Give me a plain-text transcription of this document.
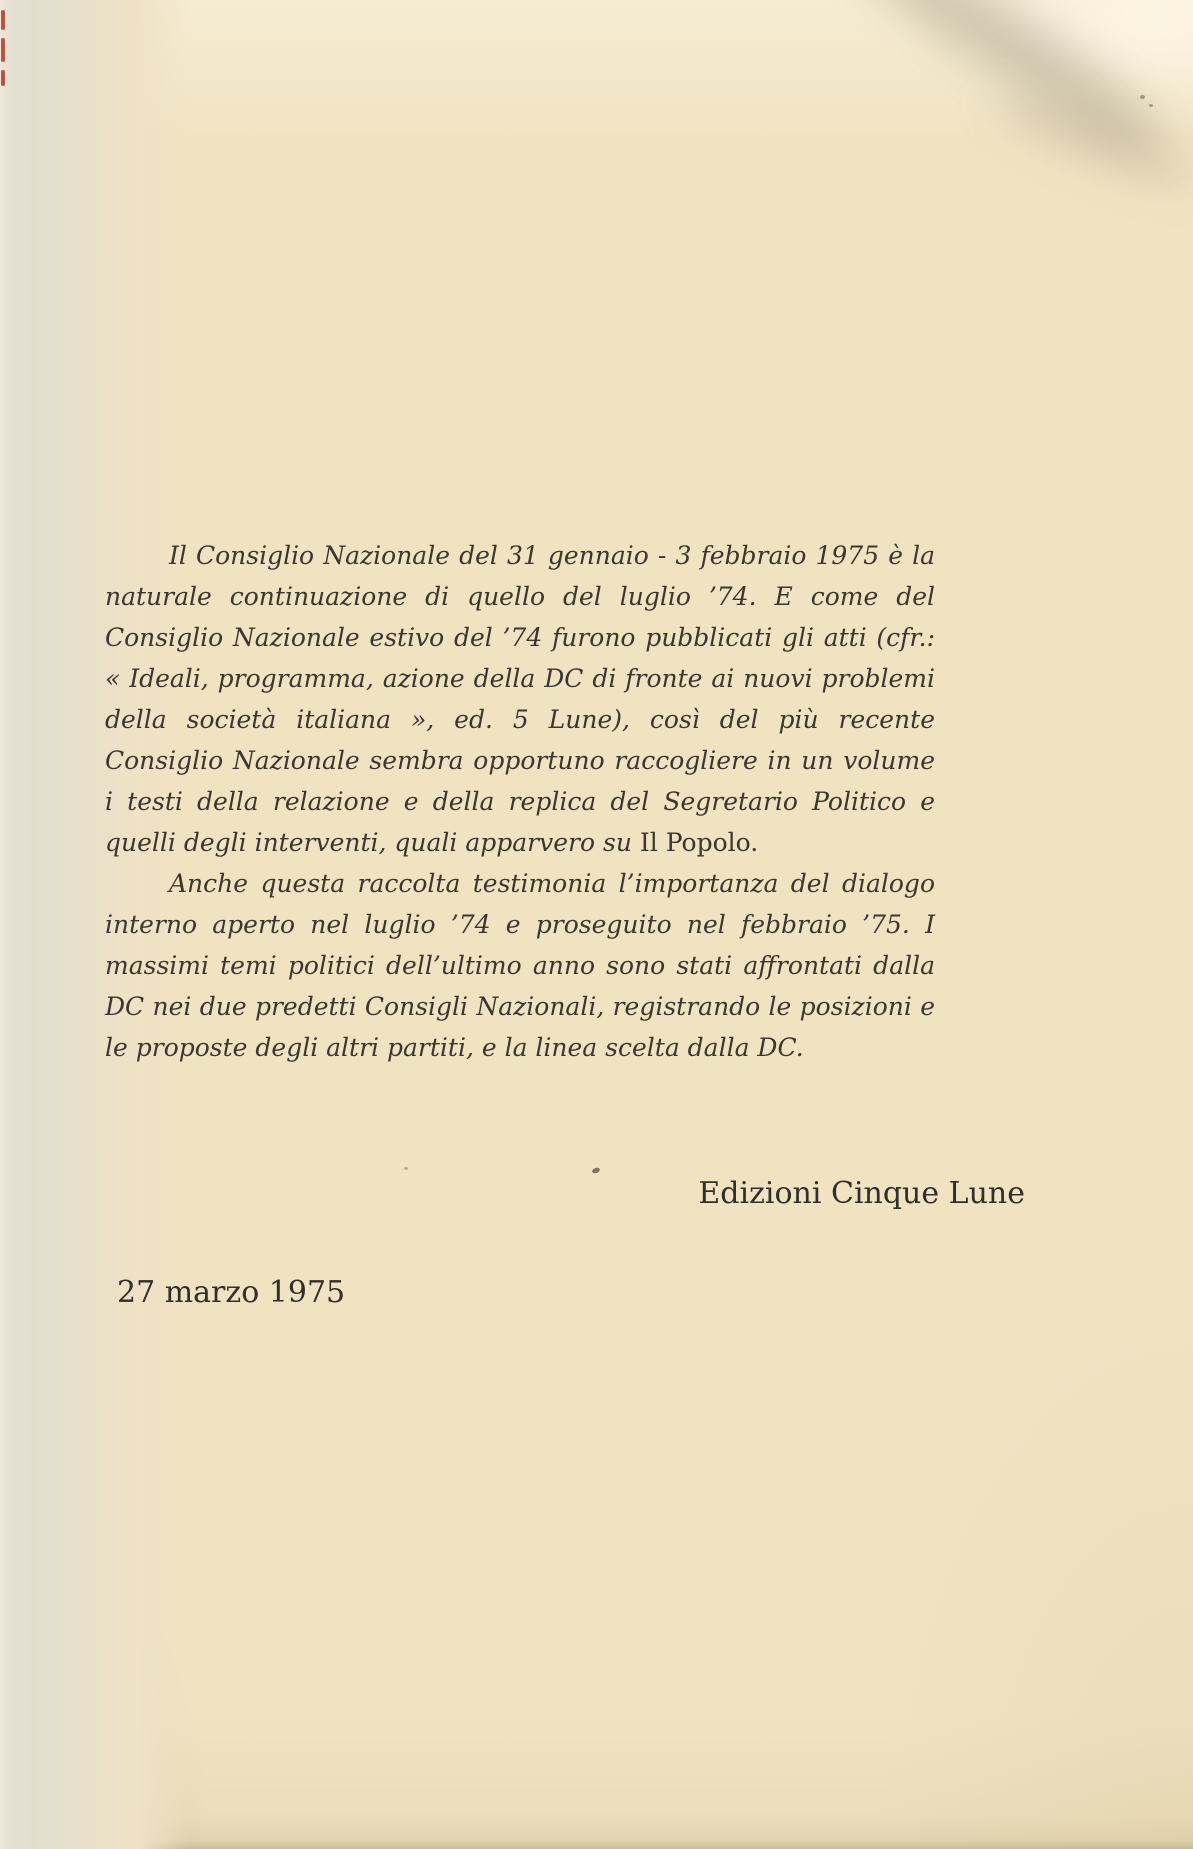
Il Consiglio Nazionale del 31 gennaio - 3 febbraio 1975 è la naturale continuazione di quello del luglio ’74. E come del Consiglio Nazionale estivo del ’74 furono pubblicati gli atti (cfr.: « Ideali, programma, azione della DC di fronte ai nuovi problemi della società italiana », ed. 5 Lune), così del più recente Consiglio Nazionale sembra opportuno raccogliere in un volume i testi della relazione e della replica del Segretario Politico e quelli degli interventi, quali apparvero su Il Popolo.

Anche questa raccolta testimonia l’importanza del dialogo interno aperto nel luglio ’74 e proseguito nel febbraio ’75. I massimi temi politici dell’ultimo anno sono stati affrontati dalla DC nei due predetti Consigli Nazionali, registrando le posizioni e le proposte degli altri partiti, e la linea scelta dalla DC.

Edizioni Cinque Lune
27 marzo 1975
